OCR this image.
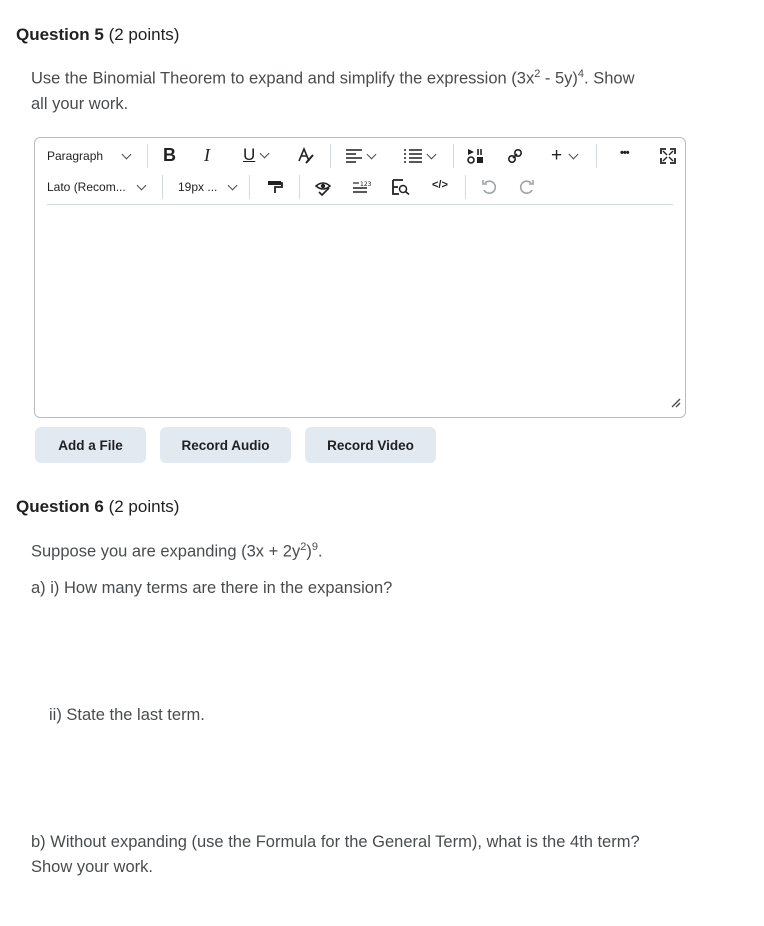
Question 5 (2 points)
Use the Binomial Theorem to expand and simplify the expression $(3x^2 - 5y)^4$. Show
all your work.
Paragraph	B I U	+	•••
Lato (Recom...	19px ...	123	</>
Add a File	Record Audio	Record Video
Question 6 (2 points)
Suppose you are expanding $(3x + 2y^2)^9$.
a) i) How many terms are there in the expansion?
ii) State the last term.
b) Without expanding (use the Formula for the General Term), what is the 4th term?
Show your work.
